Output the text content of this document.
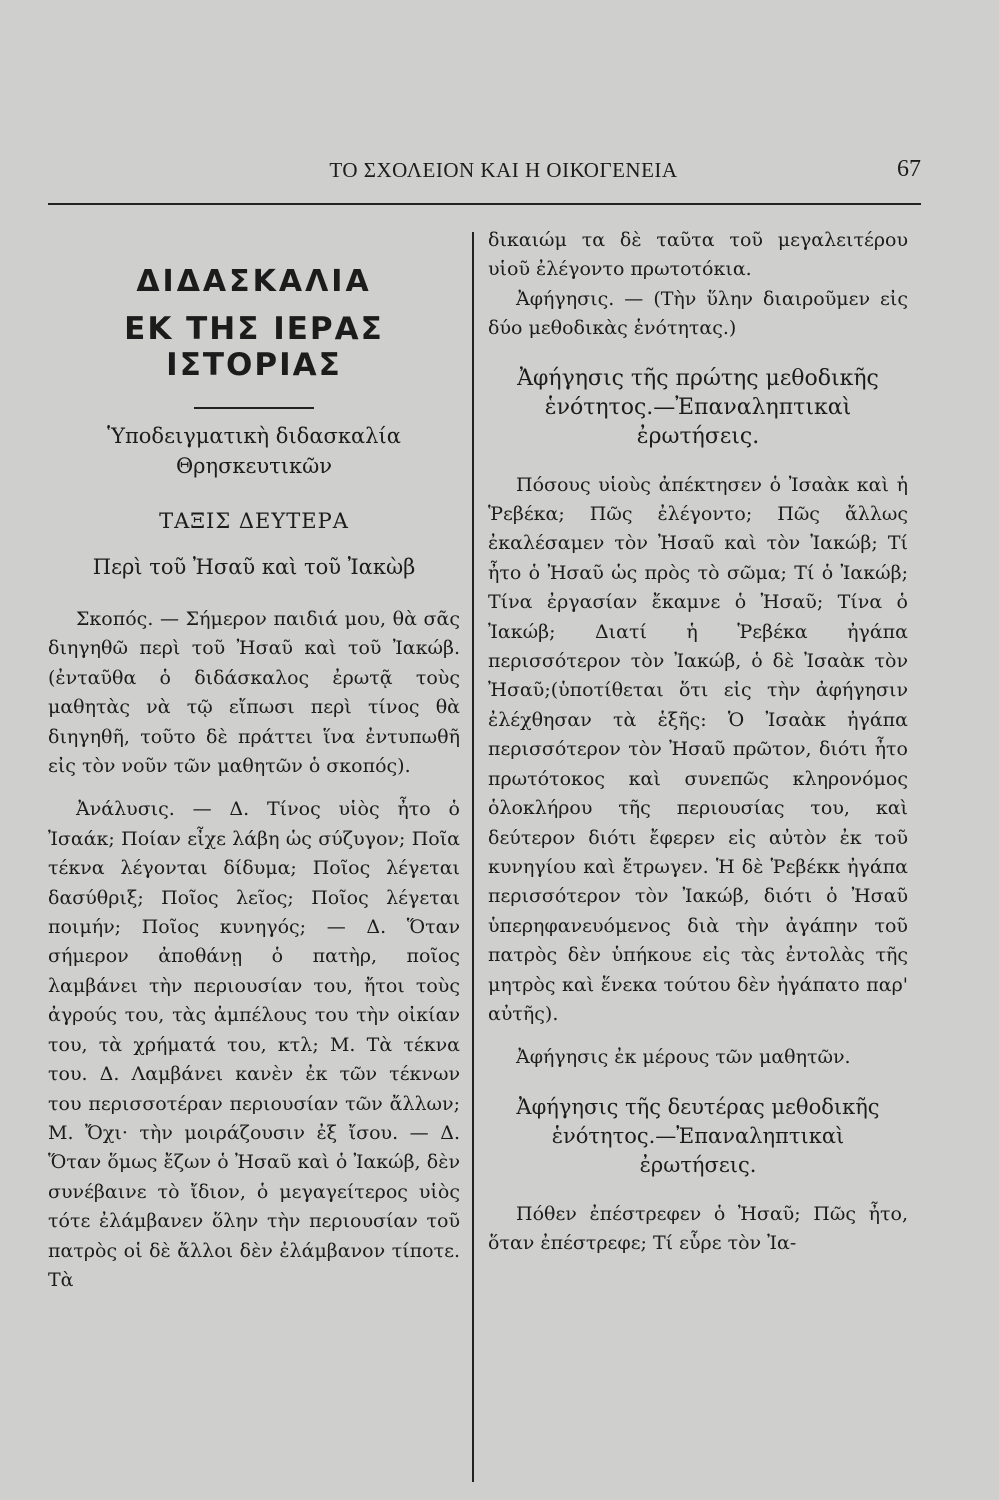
ΤΟ ΣΧΟΛΕΙΟΝ ΚΑΙ Η ΟΙΚΟΓΕΝΕΙΑ	67
ΔΙΔΑΣΚΑΛΙΑ
ΕΚ ΤΗΣ ΙΕΡΑΣ ΙΣΤΟΡΙΑΣ
Ὑποδειγματικὴ διδασκαλία
Θρησκευτικῶν
ΤΑΞΙΣ ΔΕΥΤΕΡΑ
Περὶ τοῦ Ἠσαῦ καὶ τοῦ Ἰακὼβ

Σκοπός. — Σήμερον παιδιά μου, θὰ σᾶς διηγηθῶ περὶ τοῦ Ἠσαῦ καὶ τοῦ Ἰακώβ. (ἐνταῦθα ὁ διδάσκαλος ἐρωτᾷ τοὺς μαθητὰς νὰ τῷ εἴπωσι περὶ τίνος θὰ διηγηθῆ, τοῦτο δὲ πράττει ἵνα ἐντυπωθῆ εἰς τὸν νοῦν τῶν μαθητῶν ὁ σκοπός).

Ἀνάλυσις. — Δ. Τίνος υἱὸς ἦτο ὁ Ἰσαάκ; Ποίαν εἶχε λάβη ὡς σύζυγον; Ποῖα τέκνα λέγονται δίδυμα; Ποῖος λέγεται δασύθριξ; Ποῖος λεῖος; Ποῖος λέγεται ποιμήν; Ποῖος κυνηγός; — Δ. Ὅταν σήμερον ἀποθάνῃ ὁ πατὴρ, ποῖος λαμβάνει τὴν περιουσίαν του, ἤτοι τοὺς ἀγρούς του, τὰς ἀμπέλους του τὴν οἰκίαν του, τὰ χρήματά του, κτλ; Μ. Τὰ τέκνα του. Δ. Λαμβάνει κανὲν ἐκ τῶν τέκνων του περισσοτέραν περιουσίαν τῶν ἄλλων; Μ. Ὄχι· τὴν μοιράζουσιν ἐξ ἴσου. — Δ. Ὅταν ὅμως ἔζων ὁ Ἠσαῦ καὶ ὁ Ἰακώβ, δὲν συνέβαινε τὸ ἴδιον, ὁ μεγαγείτερος υἱὸς τότε ἐλάμβανεν ὅλην τὴν περιουσίαν τοῦ πατρὸς οἱ δὲ ἄλλοι δὲν ἐλάμβανον τίποτε. Τὰ

δικαιώμ τα δὲ ταῦτα τοῦ μεγαλειτέρου υἱοῦ ἐλέγοντο πρωτοτόκια.

Ἀφήγησις. — (Τὴν ὕλην διαιροῦμεν εἰς δύο μεθοδικὰς ἑνότητας.)

Ἀφήγησις τῆς πρώτης μεθοδικῆς
ἑνότητος.—Ἐπαναληπτικαὶ
ἐρωτήσεις.

Πόσους υἱοὺς ἀπέκτησεν ὁ Ἰσαὰκ καὶ ἡ Ῥεβέκα; Πῶς ἐλέγοντο; Πῶς ἄλλως ἐκαλέσαμεν τὸν Ἠσαῦ καὶ τὸν Ἰακώβ; Τί ἦτο ὁ Ἠσαῦ ὡς πρὸς τὸ σῶμα; Τί ὁ Ἰακώβ; Τίνα ἐργασίαν ἔκαμνε ὁ Ἠσαῦ; Τίνα ὁ Ἰακώβ; Διατί ἡ Ῥεβέκα ἠγάπα περισσότερον τὸν Ἰακώβ, ὁ δὲ Ἰσαὰκ τὸν Ἠσαῦ;(ὑποτίθεται ὅτι εἰς τὴν ἀφήγησιν ἐλέχθησαν τὰ ἑξῆς: Ὁ Ἰσαὰκ ἠγάπα περισσότερον τὸν Ἠσαῦ πρῶτον, διότι ἦτο πρωτότοκος καὶ συνεπῶς κληρονόμος ὁλοκλήρου τῆς περιουσίας του, καὶ δεύτερον διότι ἔφερεν εἰς αὐτὸν ἐκ τοῦ κυνηγίου καὶ ἔτρωγεν. Ἡ δὲ Ῥεβέκκ ἠγάπα περισσότερον τὸν Ἰακώβ, διότι ὁ Ἠσαῦ ὑπερηφανευόμενος διὰ τὴν ἀγάπην τοῦ πατρὸς δὲν ὑπήκουε εἰς τὰς ἐντολὰς τῆς μητρὸς καὶ ἕνεκα τούτου δὲν ἠγάπατο παρ' αὐτῆς).

Ἀφήγησις ἐκ μέρους τῶν μαθητῶν.

Ἀφήγησις τῆς δευτέρας μεθοδικῆς
ἑνότητος.—Ἐπαναληπτικαὶ
ἐρωτήσεις.

Πόθεν ἐπέστρεφεν ὁ Ἠσαῦ; Πῶς ἦτο, ὅταν ἐπέστρεφε; Τί εὗρε τὸν Ἰα-
